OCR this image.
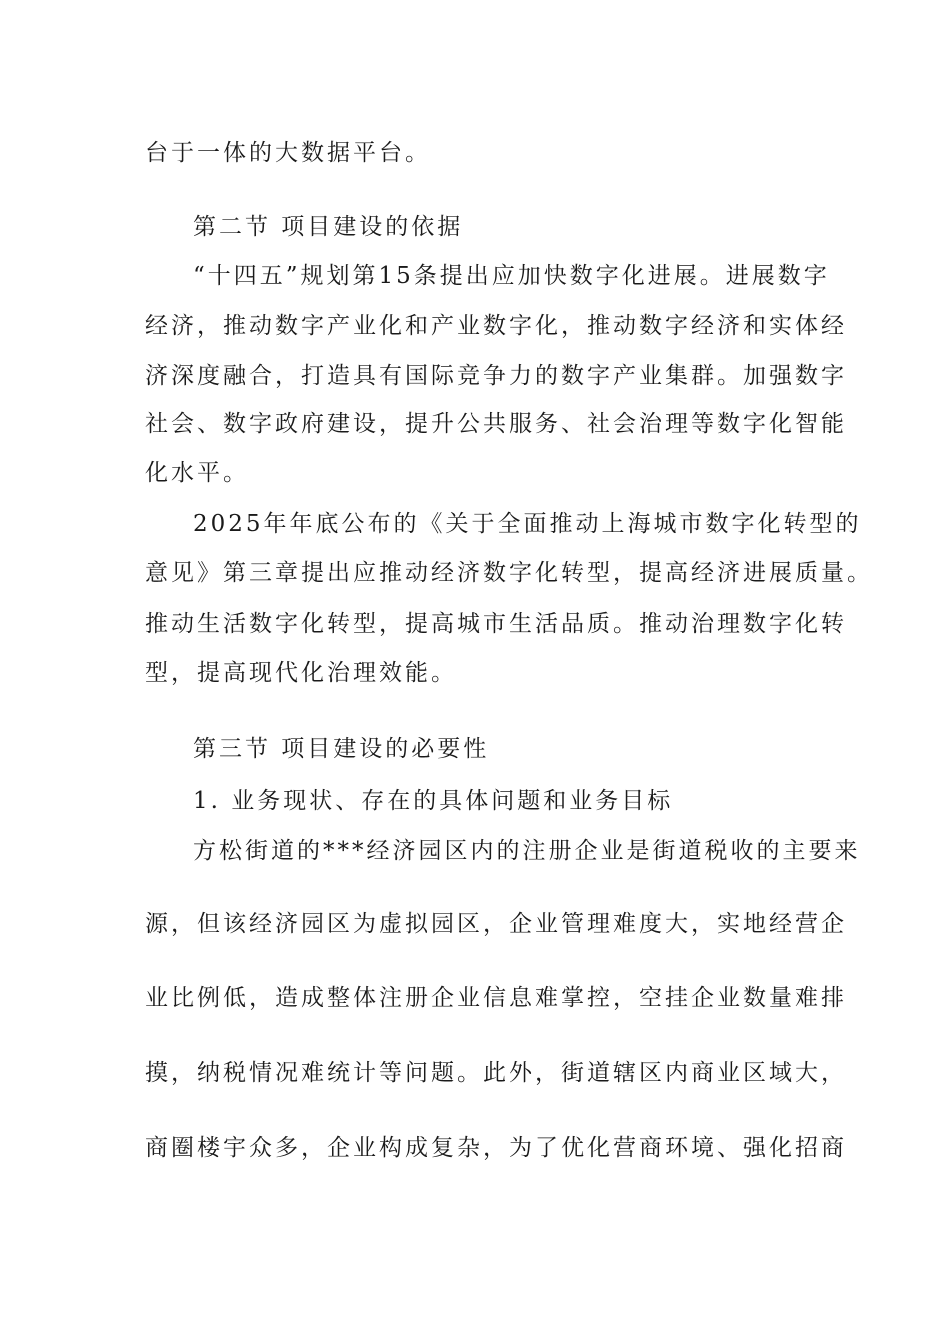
台于一体的大数据平台。
第二节 项目建设的依据
“十四五”规划第15条提出应加快数字化进展。进展数字
经济，推动数字产业化和产业数字化，推动数字经济和实体经
济深度融合，打造具有国际竞争力的数字产业集群。加强数字
社会、数字政府建设，提升公共服务、社会治理等数字化智能
化水平。
2025年年底公布的《关于全面推动上海城市数字化转型的
意见》第三章提出应推动经济数字化转型，提高经济进展质量。
推动生活数字化转型，提高城市生活品质。推动治理数字化转
型，提高现代化治理效能。
第三节 项目建设的必要性
1. 业务现状、存在的具体问题和业务目标
方松街道的***经济园区内的注册企业是街道税收的主要来
源，但该经济园区为虚拟园区，企业管理难度大，实地经营企
业比例低，造成整体注册企业信息难掌控，空挂企业数量难排
摸，纳税情况难统计等问题。此外，街道辖区内商业区域大，
商圈楼宇众多，企业构成复杂，为了优化营商环境、强化招商
